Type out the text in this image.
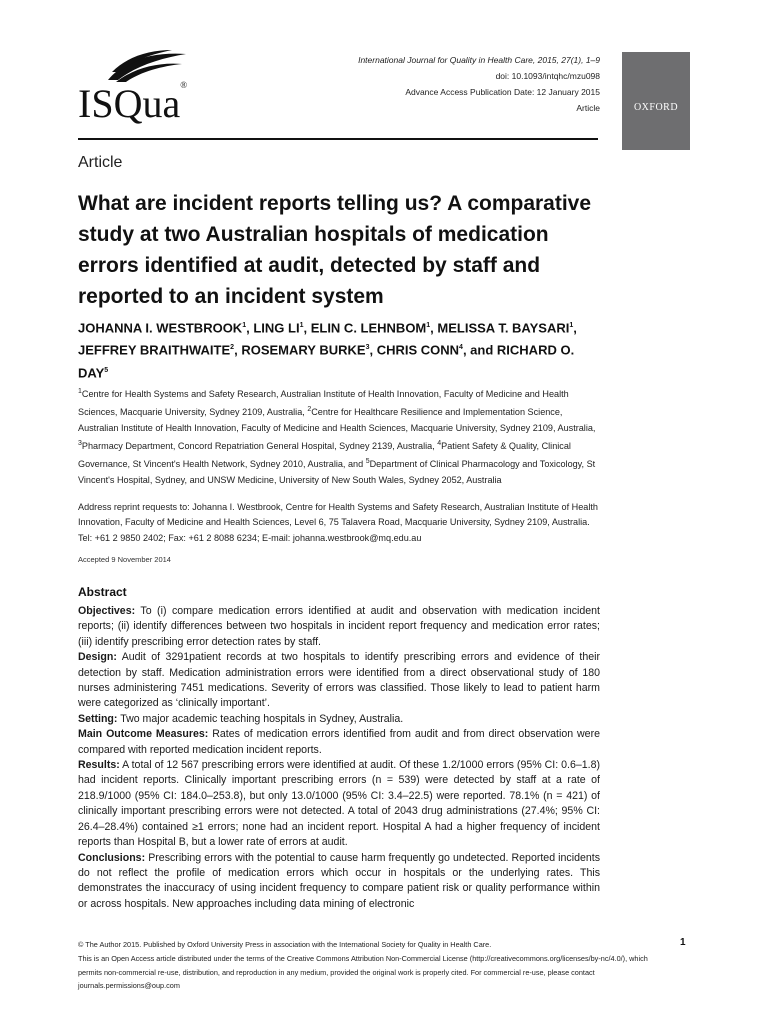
ISQua®
International Journal for Quality in Health Care, 2015, 27(1), 1–9
doi: 10.1093/intqhc/mzu098
Advance Access Publication Date: 12 January 2015
Article	OXFORD
Article
What are incident reports telling us? A comparative study at two Australian hospitals of medication errors identified at audit, detected by staff and reported to an incident system
JOHANNA I. WESTBROOK$^1$, LING $LI^1$, ELIN C. LEHNBOM$^1$, MELISSA T. BAYSARI$^1$, JEFFREY BRAITHWAITE$^2$, ROSEMARY BURKE$^3$, CHRIS CONN$^4$, and RICHARD O. DAY$^5$
$^1$Centre for Health Systems and Safety Research, Australian Institute of Health Innovation, Faculty of Medicine and Health Sciences, Macquarie University, Sydney 2109, Australia, $^2$Centre for Healthcare Resilience and Implementation Science, Australian Institute of Health Innovation, Faculty of Medicine and Health Sciences, Macquarie University, Sydney 2109, Australia, $^3$Pharmacy Department, Concord Repatriation General Hospital, Sydney 2139, Australia, $^4$Patient Safety & Quality, Clinical Governance, St Vincent's Health Network, Sydney 2010, Australia, and $^5$Department of Clinical Pharmacology and Toxicology, St Vincent's Hospital, Sydney, and UNSW Medicine, University of New South Wales, Sydney 2052, Australia
Address reprint requests to: Johanna I. Westbrook, Centre for Health Systems and Safety Research, Australian Institute of Health Innovation, Faculty of Medicine and Health Sciences, Level 6, 75 Talavera Road, Macquarie University, Sydney 2109, Australia. Tel: +61 2 9850 2402; Fax: +61 2 8088 6234; E-mail: johanna.westbrook@mq.edu.au
Accepted 9 November 2014
Abstract

Objectives: To (i) compare medication errors identified at audit and observation with medication incident reports; (ii) identify differences between two hospitals in incident report frequency and medication error rates; (iii) identify prescribing error detection rates by staff.

Design: Audit of 3291patient records at two hospitals to identify prescribing errors and evidence of their detection by staff. Medication administration errors were identified from a direct observational study of 180 nurses administering 7451 medications. Severity of errors was classified. Those likely to lead to patient harm were categorized as ‘clinically important’.

Setting: Two major academic teaching hospitals in Sydney, Australia.

Main Outcome Measures: Rates of medication errors identified from audit and from direct observation were compared with reported medication incident reports.

Results: A total of 12 567 prescribing errors were identified at audit. Of these 1.2/1000 errors (95% CI: 0.6–1.8) had incident reports. Clinically important prescribing errors (n = 539) were detected by staff at a rate of 218.9/1000 (95% CI: 184.0–253.8), but only 13.0/1000 (95% CI: 3.4–22.5) were reported. 78.1% (n = 421) of clinically important prescribing errors were not detected. A total of 2043 drug administrations (27.4%; 95% CI: 26.4–28.4%) contained ≥1 errors; none had an incident report. Hospital A had a higher frequency of incident reports than Hospital B, but a lower rate of errors at audit.

Conclusions: Prescribing errors with the potential to cause harm frequently go undetected. Reported incidents do not reflect the profile of medication errors which occur in hospitals or the underlying rates. This demonstrates the inaccuracy of using incident frequency to compare patient risk or quality performance within or across hospitals. New approaches including data mining of electronic

© The Author 2015. Published by Oxford University Press in association with the International Society for Quality in Health Care.
This is an Open Access article distributed under the terms of the Creative Commons Attribution Non-Commercial License (http://creativecommons.org/licenses/by-nc/4.0/), which permits non-commercial re-use, distribution, and reproduction in any medium, provided the original work is properly cited. For commercial re-use, please contact journals.permissions@oup.com
1
